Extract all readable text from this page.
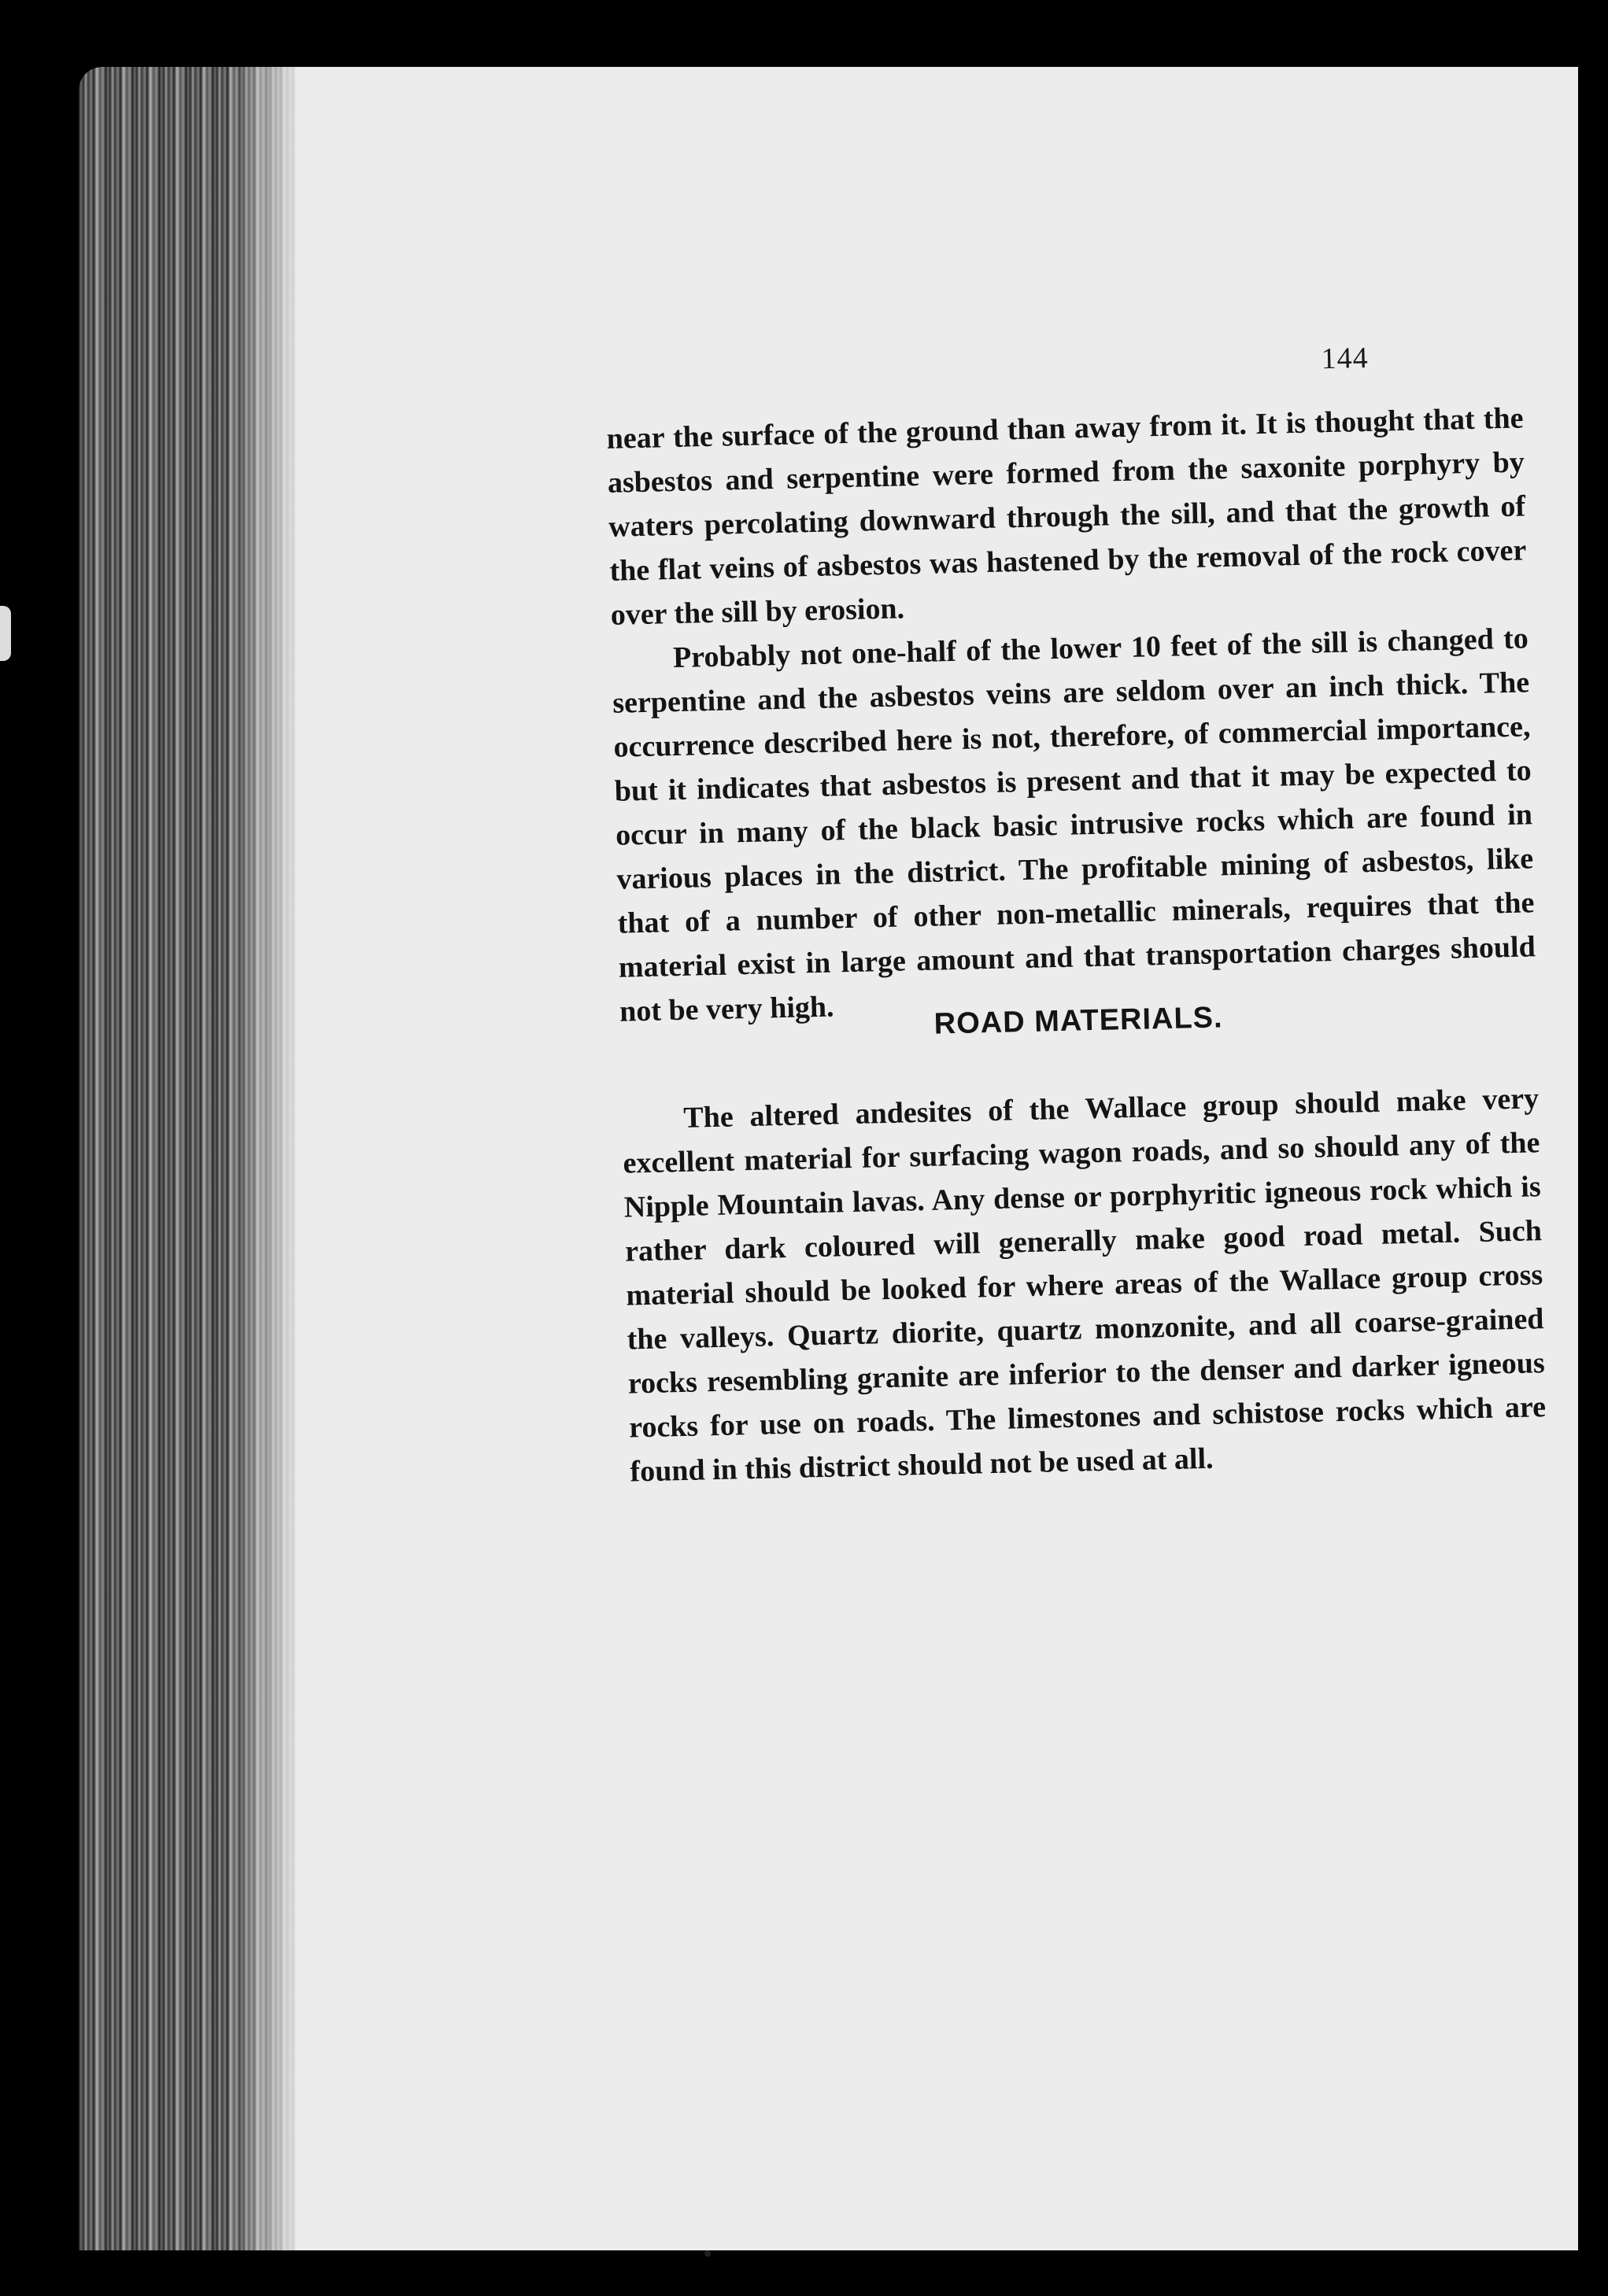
144

near the surface of the ground than away from it. It is thought that the asbestos and serpentine were formed from the saxonite porphyry by waters percolating downward through the sill, and that the growth of the flat veins of asbestos was hastened by the removal of the rock cover over the sill by erosion.

Probably not one-half of the lower 10 feet of the sill is changed to serpentine and the asbestos veins are seldom over an inch thick. The occurrence described here is not, therefore, of commercial importance, but it indicates that asbestos is present and that it may be expected to occur in many of the black basic intrusive rocks which are found in various places in the district. The profitable mining of asbestos, like that of a number of other non-metallic minerals, requires that the material exist in large amount and that transportation charges should not be very high.	ROAD MATERIALS.

The altered andesites of the Wallace group should make very excellent material for surfacing wagon roads, and so should any of the Nipple Mountain lavas. Any dense or porphyritic igneous rock which is rather dark coloured will generally make good road metal. Such material should be looked for where areas of the Wallace group cross the valleys. Quartz diorite, quartz monzonite, and all coarse-grained rocks resembling granite are inferior to the denser and darker igneous rocks for use on roads. The limestones and schistose rocks which are found in this district should not be used at all.
